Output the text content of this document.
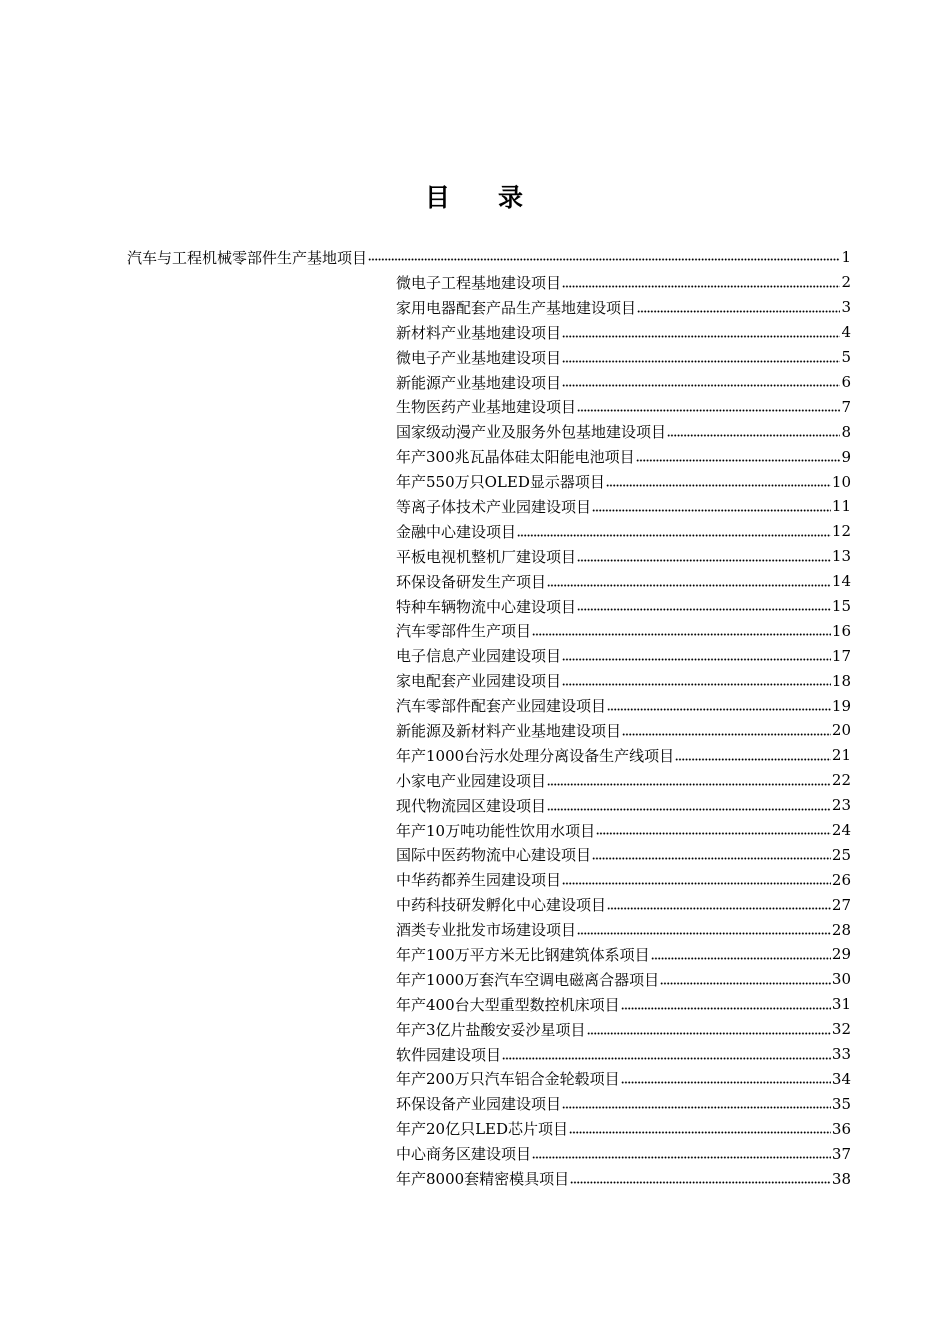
目 录
汽车与工程机械零部件生产基地项目	1
微电子工程基地建设项目	2
家用电器配套产品生产基地建设项目	3
新材料产业基地建设项目	4
微电子产业基地建设项目	5
新能源产业基地建设项目	6
生物医药产业基地建设项目	7
国家级动漫产业及服务外包基地建设项目	8
年产300兆瓦晶体硅太阳能电池项目	9
年产550万只OLED显示器项目	10
等离子体技术产业园建设项目	11
金融中心建设项目	12
平板电视机整机厂建设项目	13
环保设备研发生产项目	14
特种车辆物流中心建设项目	15
汽车零部件生产项目	16
电子信息产业园建设项目	17
家电配套产业园建设项目	18
汽车零部件配套产业园建设项目	19
新能源及新材料产业基地建设项目	20
年产1000台污水处理分离设备生产线项目	21
小家电产业园建设项目	22
现代物流园区建设项目	23
年产10万吨功能性饮用水项目	24
国际中医药物流中心建设项目	25
中华药都养生园建设项目	26
中药科技研发孵化中心建设项目	27
酒类专业批发市场建设项目	28
年产100万平方米无比钢建筑体系项目	29
年产1000万套汽车空调电磁离合器项目	30
年产400台大型重型数控机床项目	31
年产3亿片盐酸安妥沙星项目	32
软件园建设项目	33
年产200万只汽车铝合金轮毂项目	34
环保设备产业园建设项目	35
年产20亿只LED芯片项目	36
中心商务区建设项目	37
年产8000套精密模具项目	38
